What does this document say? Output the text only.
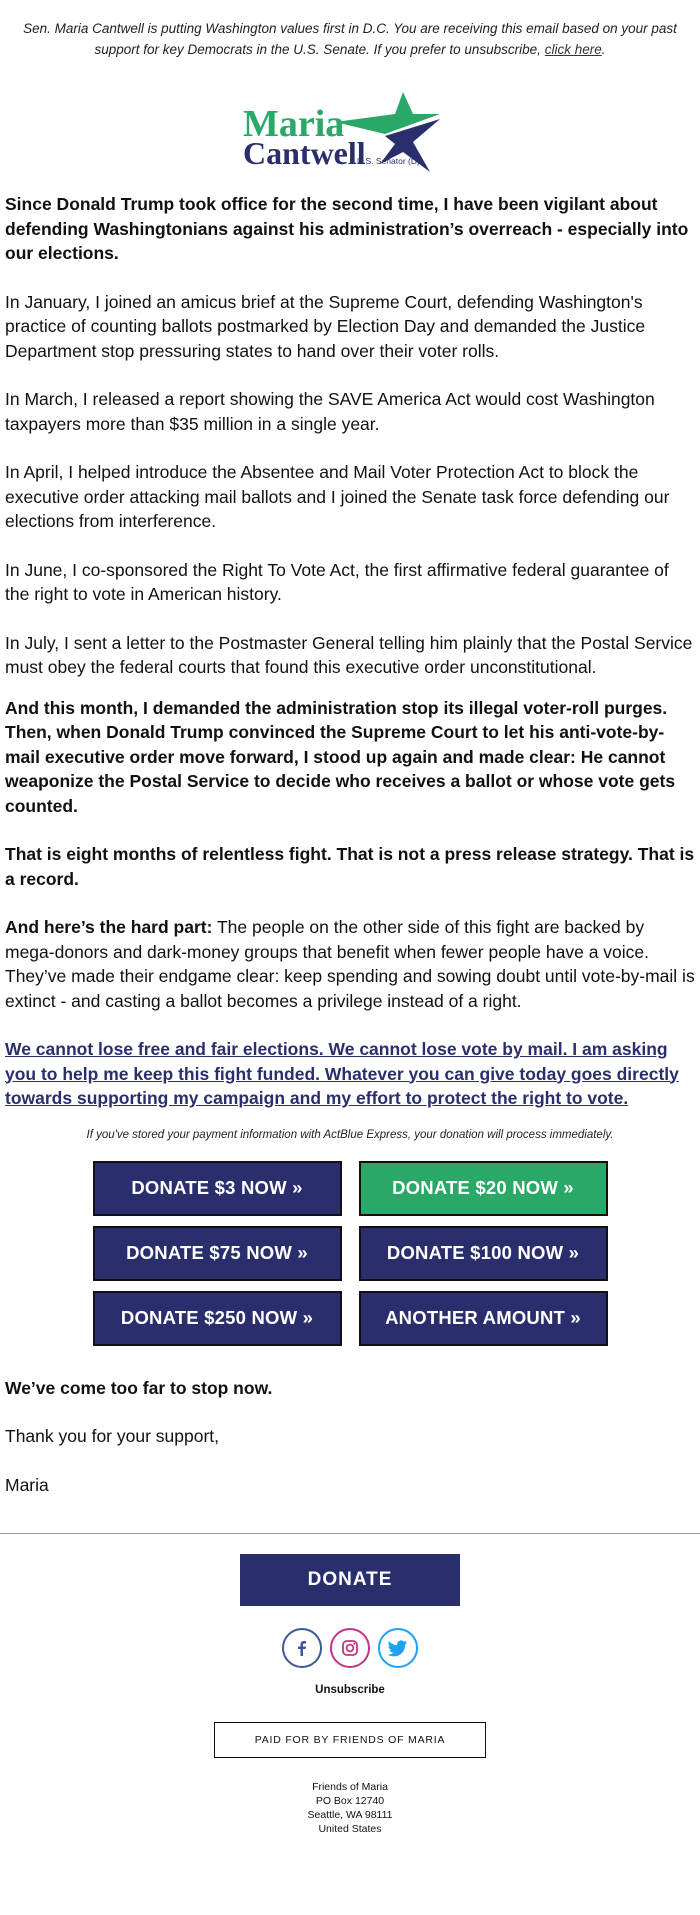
Sen. Maria Cantwell is putting Washington values first in D.C. You are receiving this email based on your past support for key Democrats in the U.S. Senate. If you prefer to unsubscribe, click here.
Maria
Cantwell
U.S. Senator (D)

Since Donald Trump took office for the second time, I have been vigilant about defending Washingtonians against his administration’s overreach - especially into our elections.

In January, I joined an amicus brief at the Supreme Court, defending Washington's practice of counting ballots postmarked by Election Day and demanded the Justice Department stop pressuring states to hand over their voter rolls.

In March, I released a report showing the SAVE America Act would cost Washington taxpayers more than $35 million in a single year.

In April, I helped introduce the Absentee and Mail Voter Protection Act to block the executive order attacking mail ballots and I joined the Senate task force defending our elections from interference.

In June, I co-sponsored the Right To Vote Act, the first affirmative federal guarantee of the right to vote in American history.

In July, I sent a letter to the Postmaster General telling him plainly that the Postal Service must obey the federal courts that found this executive order unconstitutional.

And this month, I demanded the administration stop its illegal voter-roll purges. Then, when Donald Trump convinced the Supreme Court to let his anti-vote-by-mail executive order move forward, I stood up again and made clear: He cannot weaponize the Postal Service to decide who receives a ballot or whose vote gets counted.

That is eight months of relentless fight. That is not a press release strategy. That is a record.

And here’s the hard part: The people on the other side of this fight are backed by mega-donors and dark-money groups that benefit when fewer people have a voice. They’ve made their endgame clear: keep spending and sowing doubt until vote-by-mail is extinct - and casting a ballot becomes a privilege instead of a right.

We cannot lose free and fair elections. We cannot lose vote by mail. I am asking you to help me keep this fight funded. Whatever you can give today goes directly towards supporting my campaign and my effort to protect the right to vote.

If you've stored your payment information with ActBlue Express, your donation will process immediately.

DONATE $3 NOW »	DONATE $20 NOW »
DONATE $75 NOW »	DONATE $100 NOW »
DONATE $250 NOW »	ANOTHER AMOUNT »

We’ve come too far to stop now.

Thank you for your support,

Maria

DONATE
Unsubscribe
PAID FOR BY FRIENDS OF MARIA
Friends of Maria
PO Box 12740
Seattle, WA 98111
United States
